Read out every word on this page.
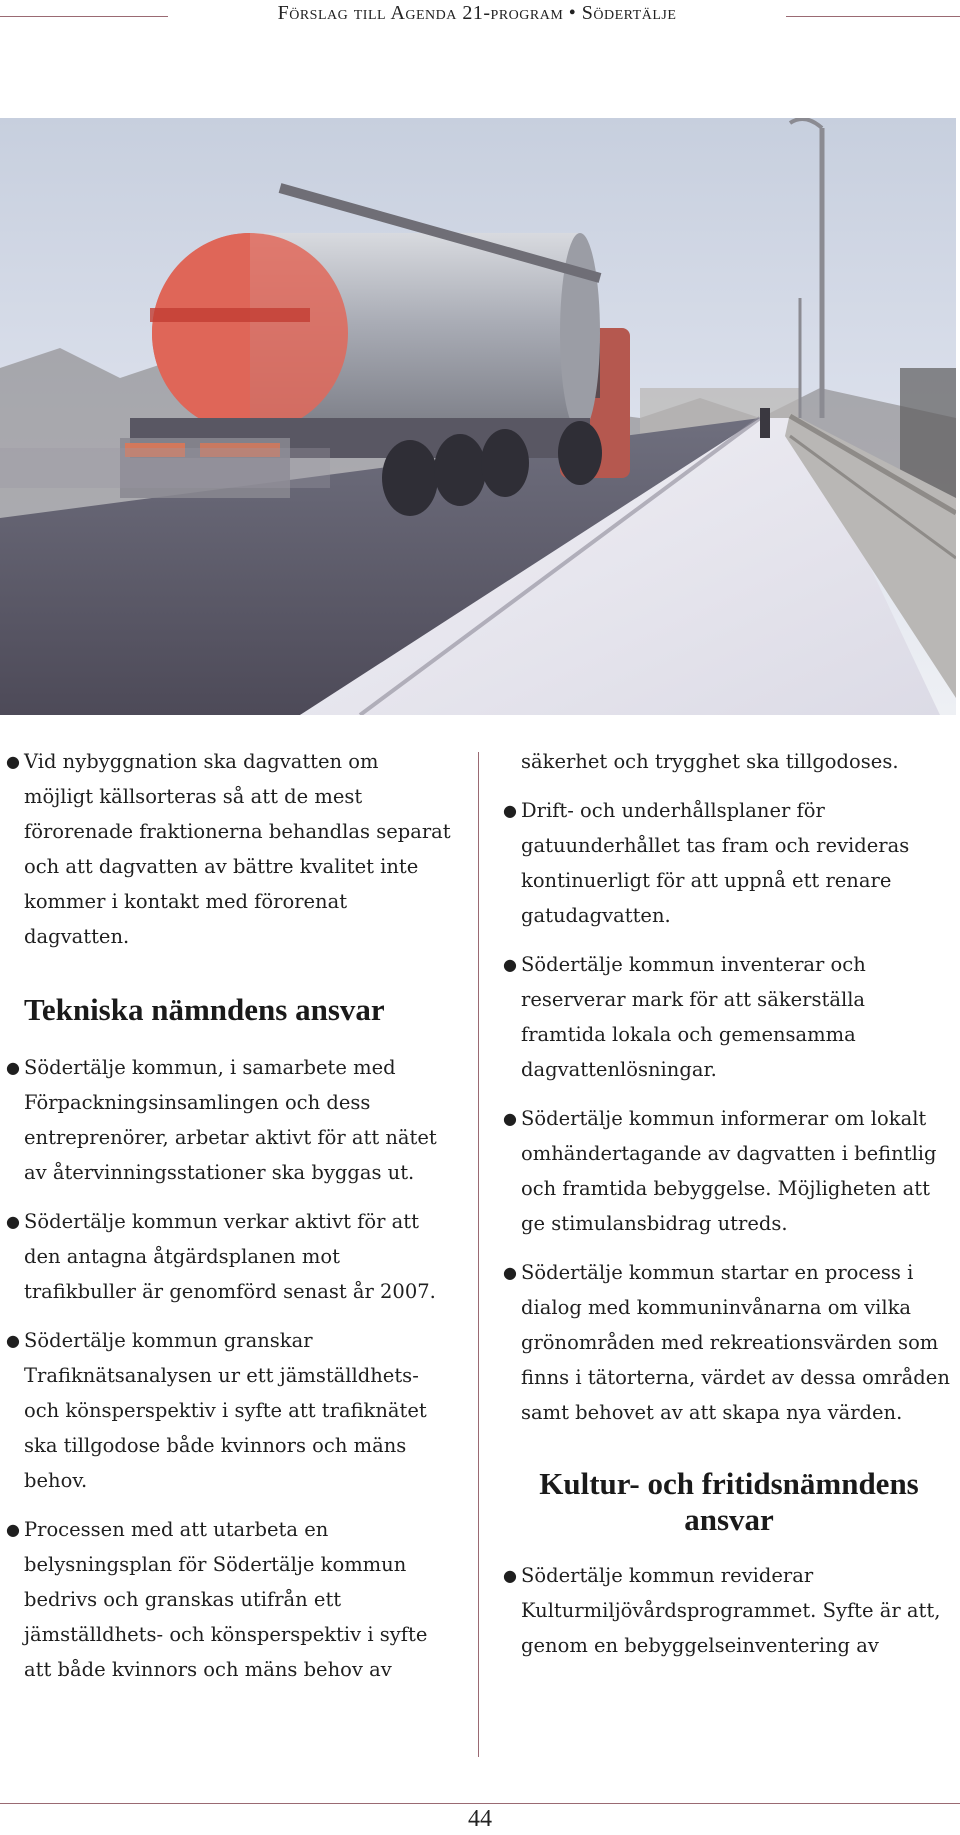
Förslag till Agenda 21-program • Södertälje
● Vid nybyggnation ska dagvatten om möjligt källsorteras så att de mest förorenade fraktionerna behandlas separat och att dagvatten av bättre kvalitet inte kommer i kontakt med förorenat dagvatten.
Tekniska nämndens ansvar
● Södertälje kommun, i samarbete med Förpackningsinsamlingen och dess entreprenörer, arbetar aktivt för att nätet av återvinningsstationer ska byggas ut.
● Södertälje kommun verkar aktivt för att den antagna åtgärdsplanen mot trafikbuller är genomförd senast år 2007.
● Södertälje kommun granskar Trafiknätsanalysen ur ett jämställdhets- och könsperspektiv i syfte att trafiknätet ska tillgodose både kvinnors och mäns behov.
● Processen med att utarbeta en belysningsplan för Södertälje kommun bedrivs och granskas utifrån ett jämställdhets- och könsperspektiv i syfte att både kvinnors och mäns behov av

säkerhet och trygghet ska tillgodoses.

● Drift- och underhållsplaner för gatuunderhållet tas fram och revideras kontinuerligt för att uppnå ett renare gatudagvatten.
● Södertälje kommun inventerar och reserverar mark för att säkerställa framtida lokala och gemensamma dagvattenlösningar.
● Södertälje kommun informerar om lokalt omhändertagande av dagvatten i befintlig och framtida bebyggelse. Möjligheten att ge stimulansbidrag utreds.
● Södertälje kommun startar en process i dialog med kommuninvånarna om vilka grönområden med rekreationsvärden som finns i tätorterna, värdet av dessa områden samt behovet av att skapa nya värden.
Kultur- och fritidsnämndens ansvar
● Södertälje kommun reviderar Kulturmiljövårdsprogrammet. Syfte är att, genom en bebyggelseinventering av
44
